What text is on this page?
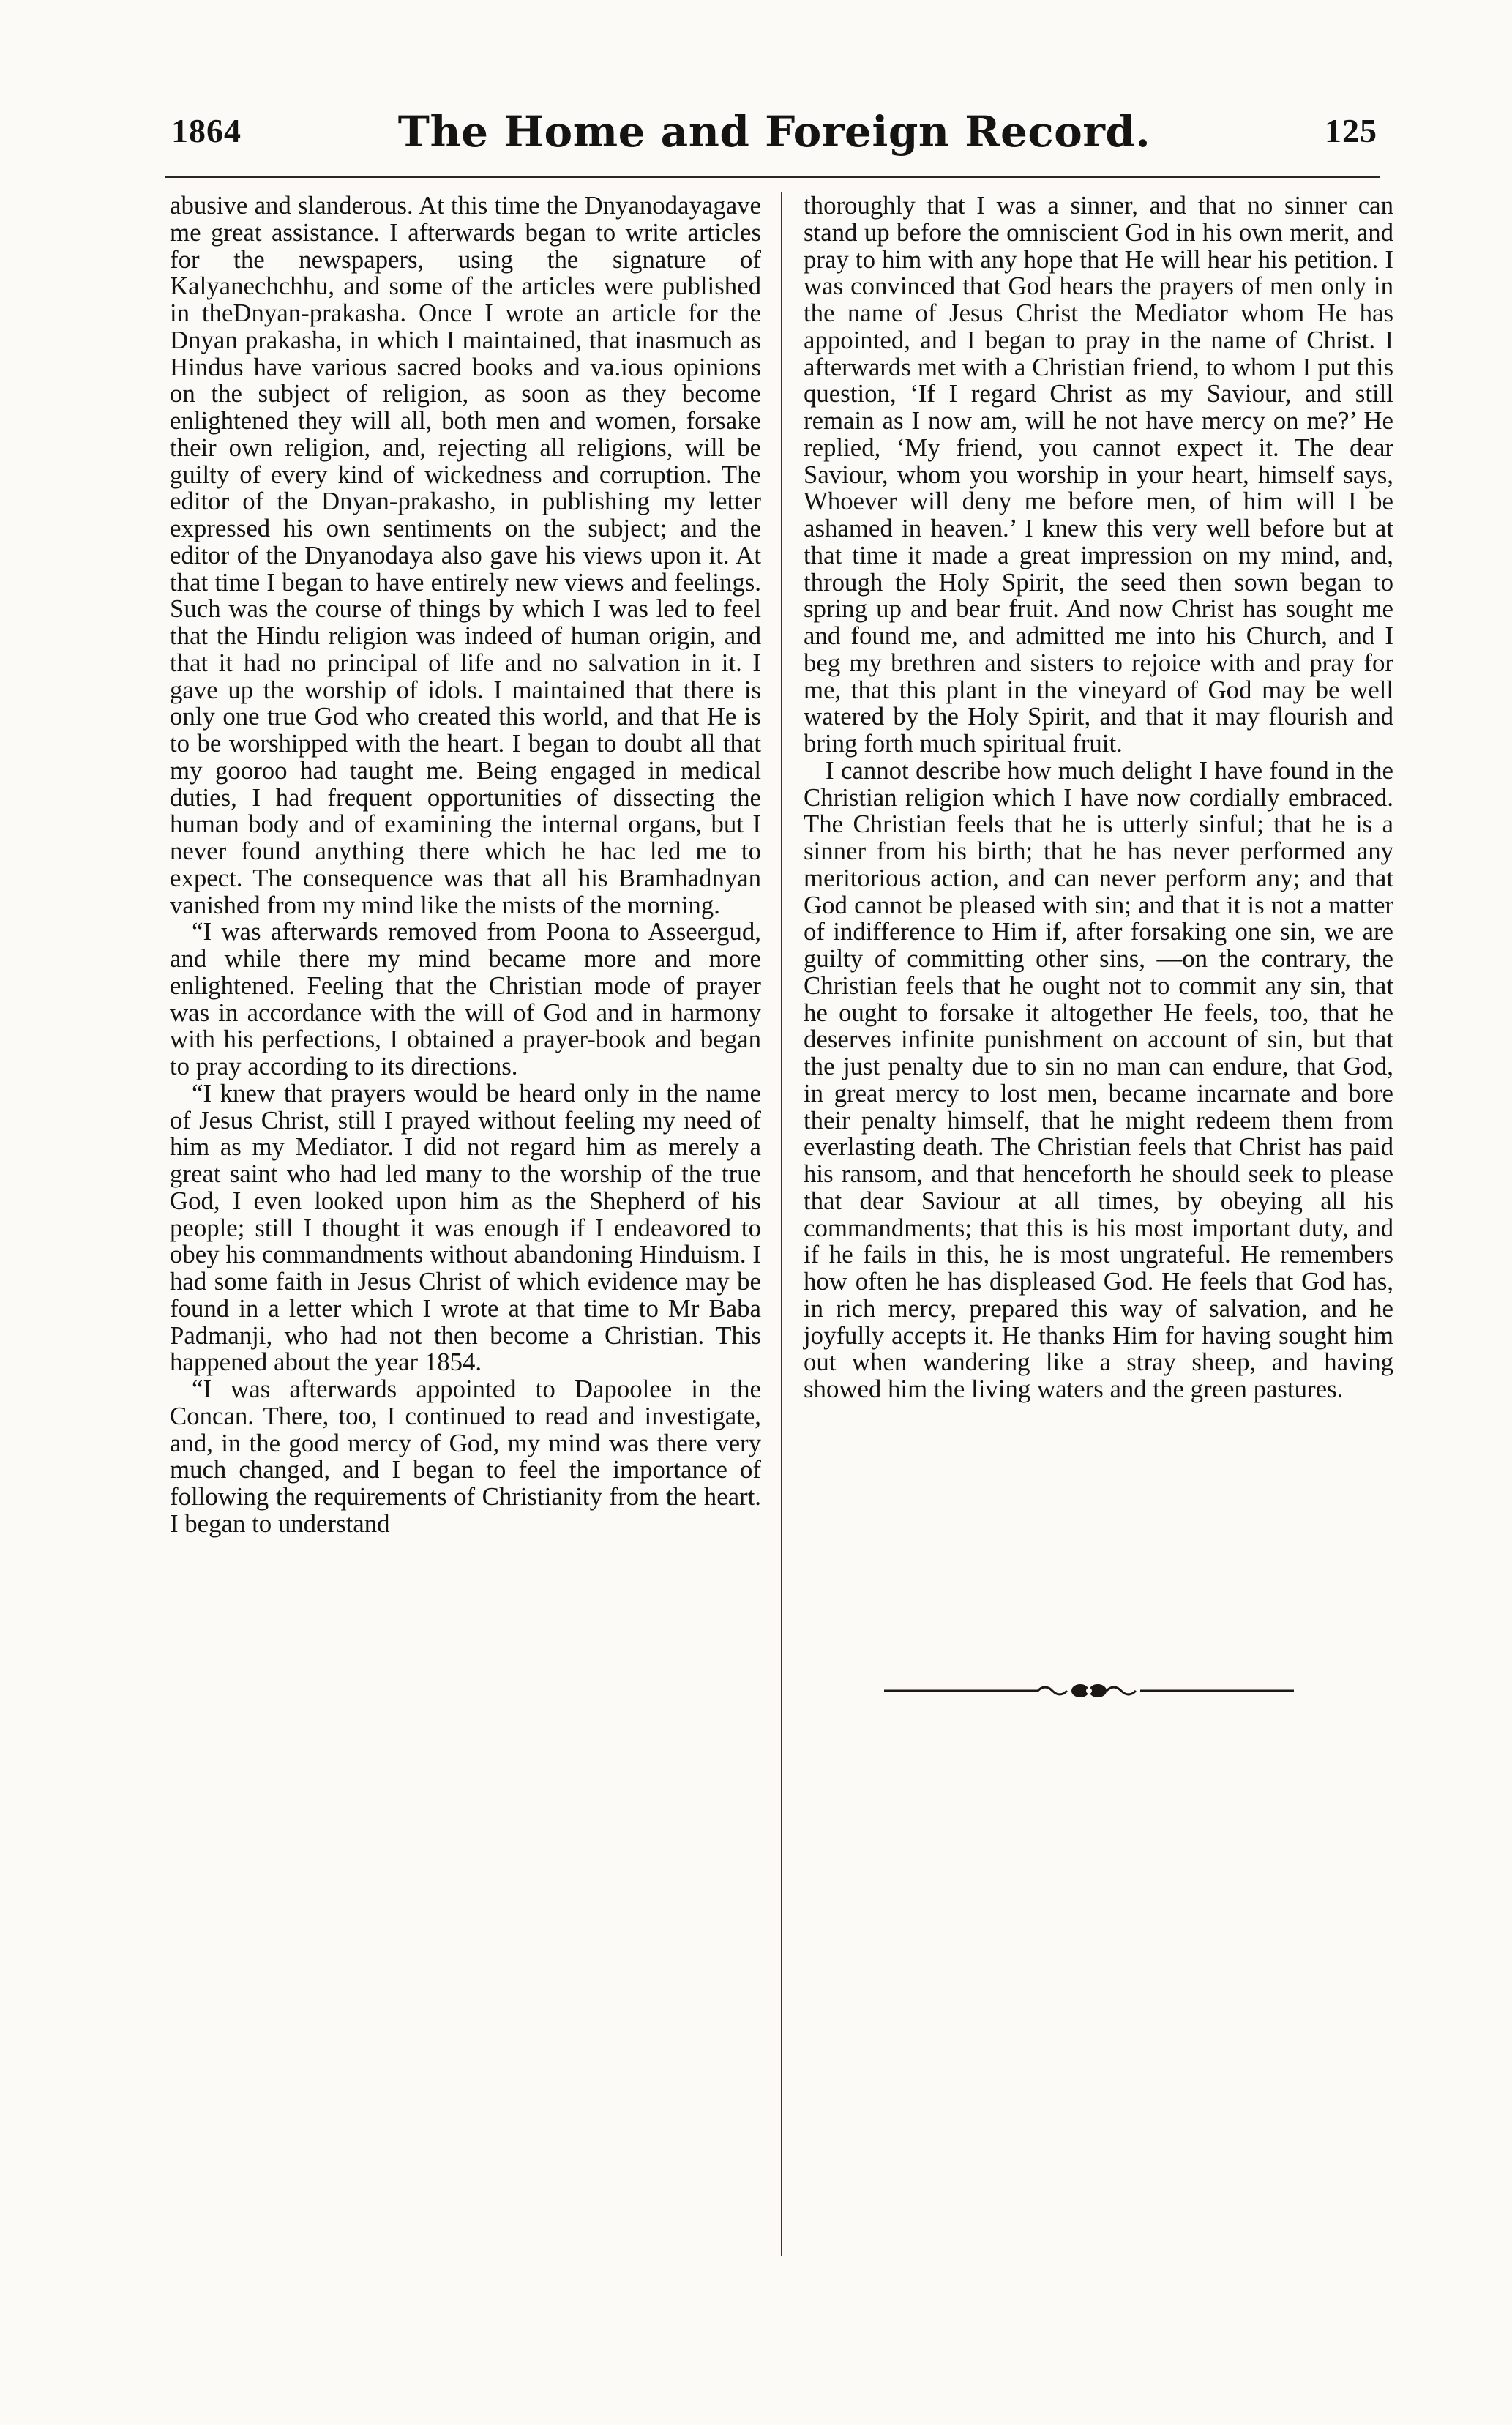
1864	The Home and Foreign Record.	125

abusive and slanderous. At this time the Dnyanodayagave me great assistance. I afterwards began to write articles for the newspapers, using the signature of Kalyanechchhu, and some of the articles were published in theDnyan-prakasha. Once I wrote an article for the Dnyan prakasha, in which I maintained, that inasmuch as Hindus have various sacred books and va.ious opinions on the subject of religion, as soon as they become enlightened they will all, both men and women, forsake their own religion, and, rejecting all religions, will be guilty of every kind of wickedness and corruption. The editor of the Dnyan-prakasho, in publishing my letter expressed his own sentiments on the subject; and the editor of the Dnyanodaya also gave his views upon it. At that time I began to have entirely new views and feelings. Such was the course of things by which I was led to feel that the Hindu religion was indeed of human origin, and that it had no principal of life and no salvation in it. I gave up the worship of idols. I maintained that there is only one true God who created this world, and that He is to be worshipped with the heart. I began to doubt all that my gooroo had taught me. Being engaged in medical duties, I had frequent opportunities of dissecting the human body and of examining the internal organs, but I never found anything there which he hac led me to expect. The consequence was that all his Bramhadnyan vanished from my mind like the mists of the morning.

“I was afterwards removed from Poona to Asseergud, and while there my mind became more and more enlightened. Feeling that the Christian mode of prayer was in accordance with the will of God and in harmony with his perfections, I obtained a prayer-book and began to pray according to its directions.

“I knew that prayers would be heard only in the name of Jesus Christ, still I prayed without feeling my need of him as my Mediator. I did not regard him as merely a great saint who had led many to the worship of the true God, I even looked upon him as the Shepherd of his people; still I thought it was enough if I endeavored to obey his commandments without abandoning Hinduism. I had some faith in Jesus Christ of which evidence may be found in a letter which I wrote at that time to Mr Baba Padmanji, who had not then become a Christian. This happened about the year 1854.

“I was afterwards appointed to Dapoolee in the Concan. There, too, I continued to read and investigate, and, in the good mercy of God, my mind was there very much changed, and I began to feel the importance of following the requirements of Christianity from the heart. I began to understand

thoroughly that I was a sinner, and that no sinner can stand up before the omniscient God in his own merit, and pray to him with any hope that He will hear his petition. I was convinced that God hears the prayers of men only in the name of Jesus Christ the Mediator whom He has appointed, and I began to pray in the name of Christ. I afterwards met with a Christian friend, to whom I put this question, ‘If I regard Christ as my Saviour, and still remain as I now am, will he not have mercy on me?’ He replied, ‘My friend, you cannot expect it. The dear Saviour, whom you worship in your heart, himself says, Whoever will deny me before men, of him will I be ashamed in heaven.’ I knew this very well before but at that time it made a great impression on my mind, and, through the Holy Spirit, the seed then sown began to spring up and bear fruit. And now Christ has sought me and found me, and admitted me into his Church, and I beg my brethren and sisters to rejoice with and pray for me, that this plant in the vineyard of God may be well watered by the Holy Spirit, and that it may flourish and bring forth much spiritual fruit.

I cannot describe how much delight I have found in the Christian religion which I have now cordially embraced. The Christian feels that he is utterly sinful; that he is a sinner from his birth; that he has never performed any meritorious action, and can never perform any; and that God cannot be pleased with sin; and that it is not a matter of indifference to Him if, after forsaking one sin, we are guilty of committing other sins, —on the contrary, the Christian feels that he ought not to commit any sin, that he ought to forsake it altogether He feels, too, that he deserves infinite punishment on account of sin, but that the just penalty due to sin no man can endure, that God, in great mercy to lost men, became incarnate and bore their penalty himself, that he might redeem them from everlasting death. The Christian feels that Christ has paid his ransom, and that henceforth he should seek to please that dear Saviour at all times, by obeying all his commandments; that this is his most important duty, and if he fails in this, he is most ungrateful. He remembers how often he has displeased God. He feels that God has, in rich mercy, prepared this way of salvation, and he joyfully accepts it. He thanks Him for having sought him out when wandering like a stray sheep, and having showed him the living waters and the green pastures.
